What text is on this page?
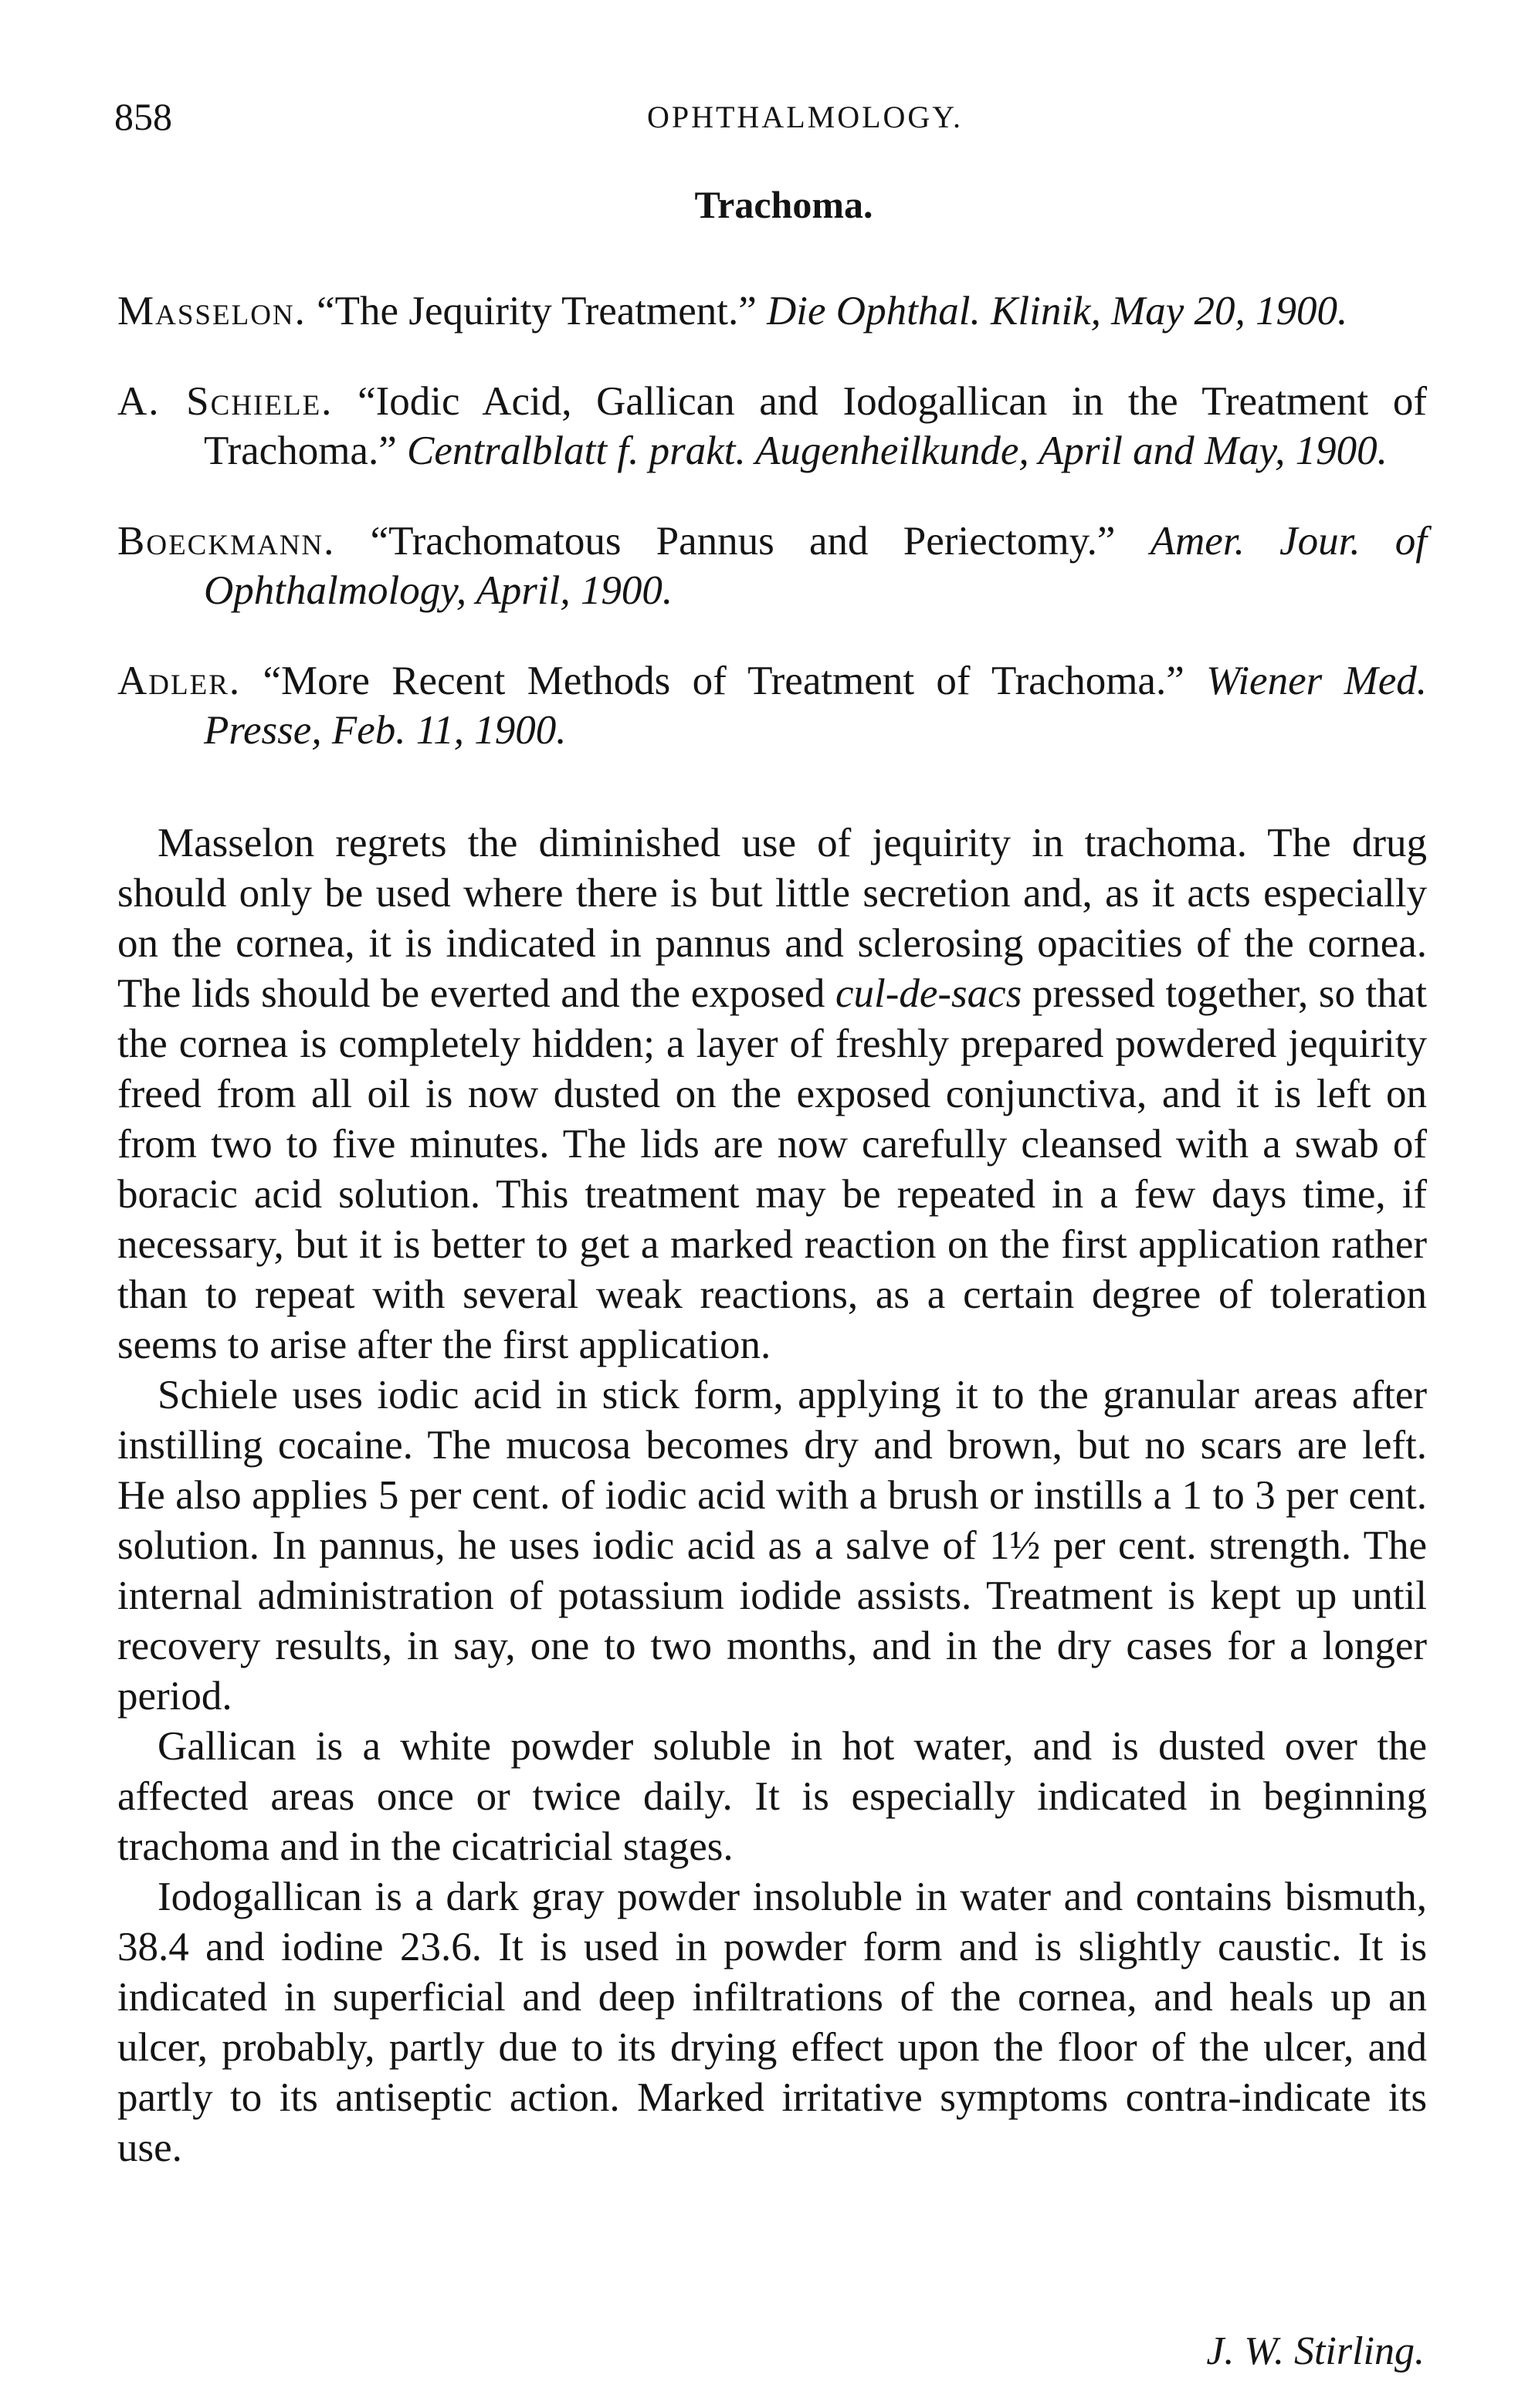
858	OPHTHALMOLOGY.
Trachoma.

Masselon. “The Jequirity Treatment.” Die Ophthal. Klinik, May 20, 1900.

A. Schiele. “Iodic Acid, Gallican and Iodogallican in the Treatment of Trachoma.” Centralblatt f. prakt. Augenheilkunde, April and May, 1900.

Boeckmann. “Trachomatous Pannus and Periectomy.” Amer. Jour. of Ophthalmology, April, 1900.

Adler. “More Recent Methods of Treatment of Trachoma.” Wiener Med. Presse, Feb. 11, 1900.

Masselon regrets the diminished use of jequirity in trachoma. The drug should only be used where there is but little secretion and, as it acts especially on the cornea, it is indicated in pannus and sclerosing opacities of the cornea. The lids should be everted and the exposed cul-de-sacs pressed together, so that the cornea is completely hidden; a layer of freshly prepared powdered jequirity freed from all oil is now dusted on the exposed conjunctiva, and it is left on from two to five minutes. The lids are now carefully cleansed with a swab of boracic acid solution. This treatment may be repeated in a few days time, if necessary, but it is better to get a marked reaction on the first application rather than to repeat with several weak reactions, as a certain degree of toleration seems to arise after the first application.

Schiele uses iodic acid in stick form, applying it to the granular areas after instilling cocaine. The mucosa becomes dry and brown, but no scars are left. He also applies 5 per cent. of iodic acid with a brush or instills a 1 to 3 per cent. solution. In pannus, he uses iodic acid as a salve of 1½ per cent. strength. The internal administration of potassium iodide assists. Treatment is kept up until recovery results, in say, one to two months, and in the dry cases for a longer period.

Gallican is a white powder soluble in hot water, and is dusted over the affected areas once or twice daily. It is especially indicated in beginning trachoma and in the cicatricial stages.

Iodogallican is a dark gray powder insoluble in water and contains bismuth, 38.4 and iodine 23.6. It is used in powder form and is slightly caustic. It is indicated in superficial and deep infiltrations of the cornea, and heals up an ulcer, probably, partly due to its drying effect upon the floor of the ulcer, and partly to its antiseptic action. Marked irritative symptoms contra-indicate its use.

J. W. Stirling.
